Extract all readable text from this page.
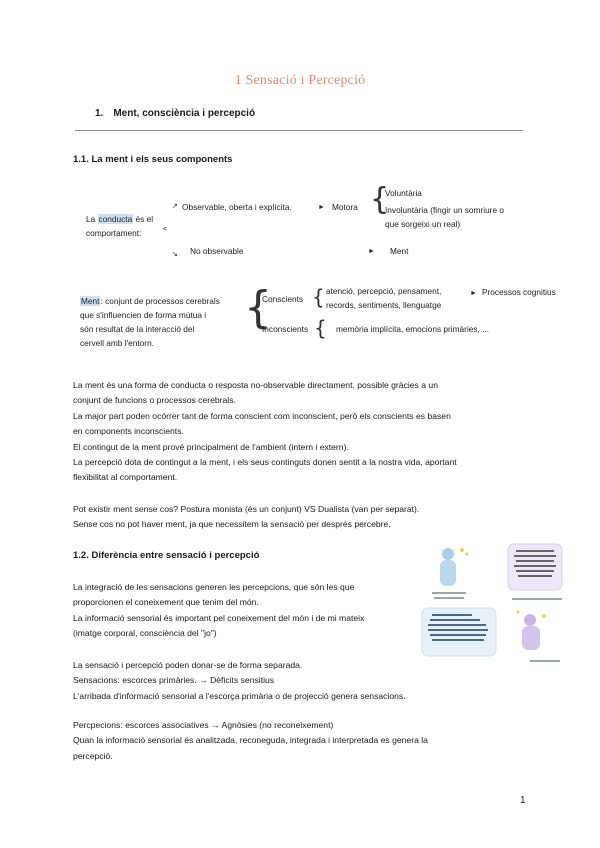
1 Sensació i Percepció
1. Ment, consciència i percepció
1.1. La ment i els seus components
La conducta és el
comportament:	<
↗
↘
Observable, oberta i explícita.	► Motora {
Voluntària
Involuntària (fingir un somriure o
que sorgeixi un real)
No observable	► Ment
Ment: conjunt de processos cerebrals
que s'influencien de forma mútua i
són resultat de la interacció del
cervell amb l'entorn.
{
Conscients { atenció, percepció, pensament,
records, sentiments, llenguatge
► Processos cognitius
Inconscients { memòria implícita, emocions primàries, ...
La ment és una forma de conducta o resposta no-observable directament, possible gràcies a un
conjunt de funcions o processos cerebrals.
La major part poden ocórrer tant de forma conscient com inconscient, però els conscients es basen
en components inconscients.
El contingut de la ment prové principalment de l'ambient (intern i extern).
La percepció dota de contingut a la ment, i els seus continguts donen sentit a la nostra vida, aportant
flexibilitat al comportament.
Pot existir ment sense cos? Postura monista (és un conjunt) VS Dualista (van per separat).
Sense cos no pot haver ment, ja que necessitem la sensació per després percebre.
1.2. Diferència entre sensació i percepció
La integració de les sensacions generen les percepcions, que són les que
proporcionen el coneixement que tenim del món.
La informació sensorial és important pel coneixement del món i de mi mateix
(imatge corporal, consciència del "jo")
La sensació i percepció poden donar-se de forma separada.
Sensacions: escorces primàries. → Dèficits sensitius
L'arribada d'informació sensorial a l'escorça primària o de projecció genera sensacions.
Percpecions: escorces associatives → Agnòsies (no reconeixement)
Quan la informació sensorial és analitzada, reconeguda, integrada i interpretada es genera la
percepció.
1
